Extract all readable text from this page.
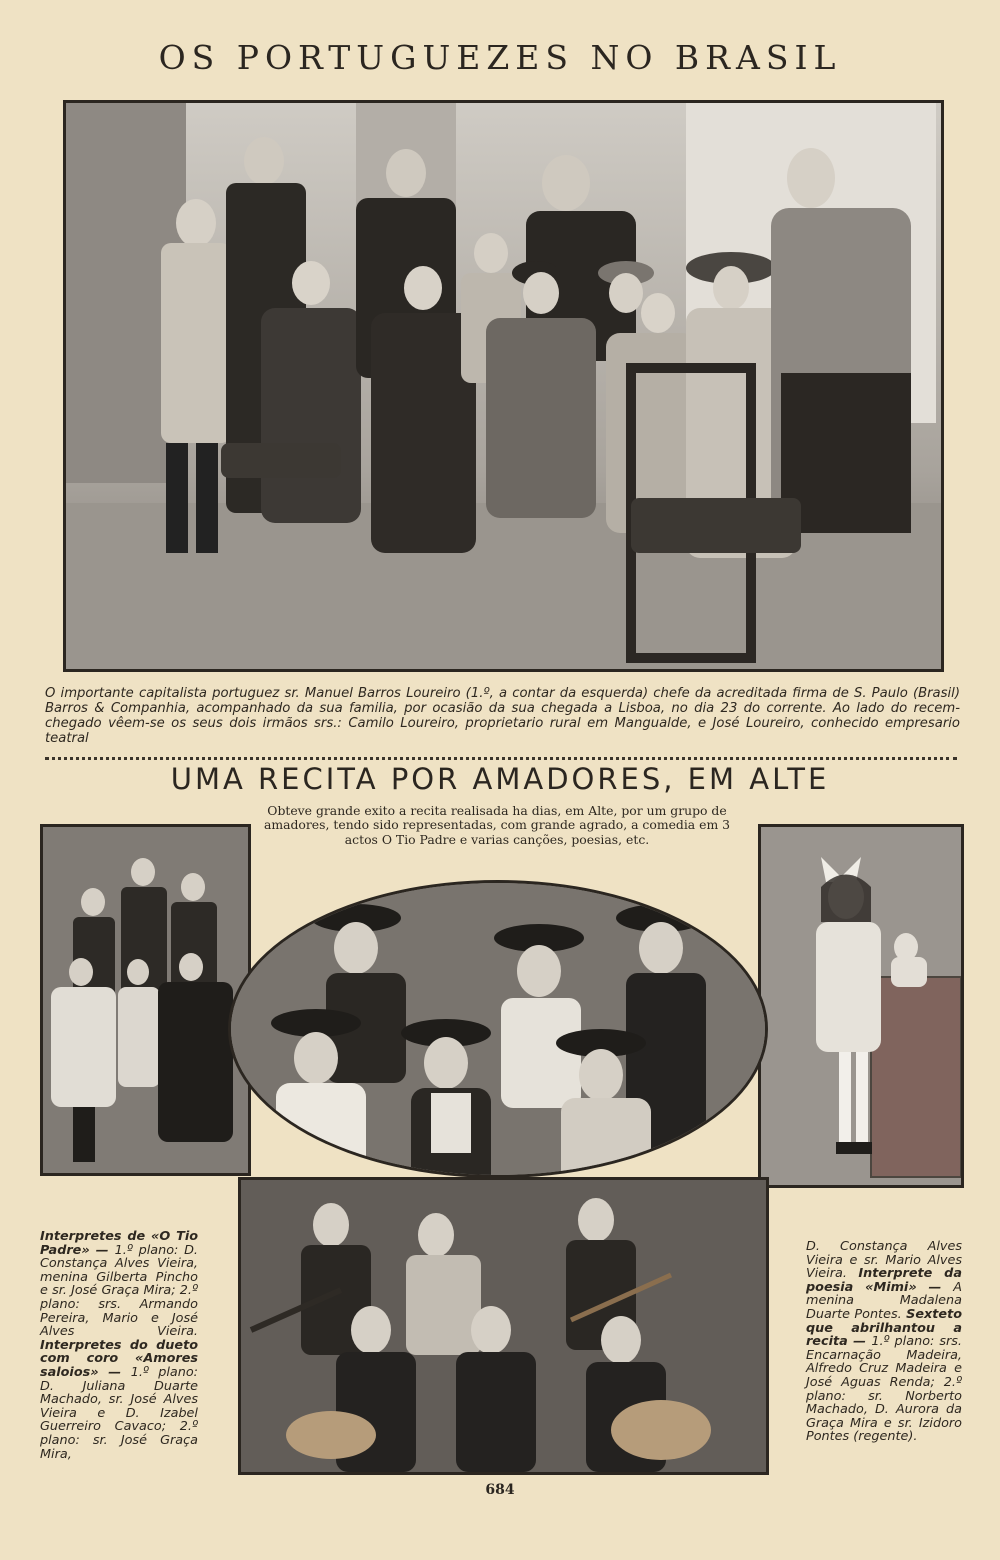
OS PORTUGUEZES NO BRASIL
O importante capitalista portuguez sr. Manuel Barros Loureiro (1.º, a contar da esquerda) chefe da acreditada firma de S. Paulo (Brasil) Barros & Companhia, acompanhado da sua familia, por ocasião da sua chegada a Lisboa, no dia 23 do corrente. Ao lado do recem-chegado vêem-se os seus dois irmãos srs.: Camilo Loureiro, proprietario rural em Mangualde, e José Loureiro, conhecido empresario teatral
UMA RECITA POR AMADORES, EM ALTE
Obteve grande exito a recita realisada ha dias, em Alte, por um grupo de amadores, tendo sido representadas, com grande agrado, a comedia em 3 actos O Tio Padre e varias canções, poesias, etc.
Interpretes de «O Tio Padre» — 1.º plano: D. Constança Alves Vieira, menina Gilberta Pincho e sr. José Graça Mira; 2.º plano: srs. Armando Pereira, Mario e José Alves Vieira. Interpretes do dueto com coro «Amores saloios» — 1.º plano: D. Juliana Duarte Machado, sr. José Alves Vieira e D. Izabel Guerreiro Cavaco; 2.º plano: sr. José Graça Mira,
D. Constança Alves Vieira e sr. Mario Alves Vieira. Interprete da poesia «Mimi» — A menina Madalena Duarte Pontes. Sexteto que abrilhantou a recita — 1.º plano: srs. Encarnação Madeira, Alfredo Cruz Madeira e José Aguas Renda; 2.º plano: sr. Norberto Machado, D. Aurora da Graça Mira e sr. Izidoro Pontes (regente).
684
